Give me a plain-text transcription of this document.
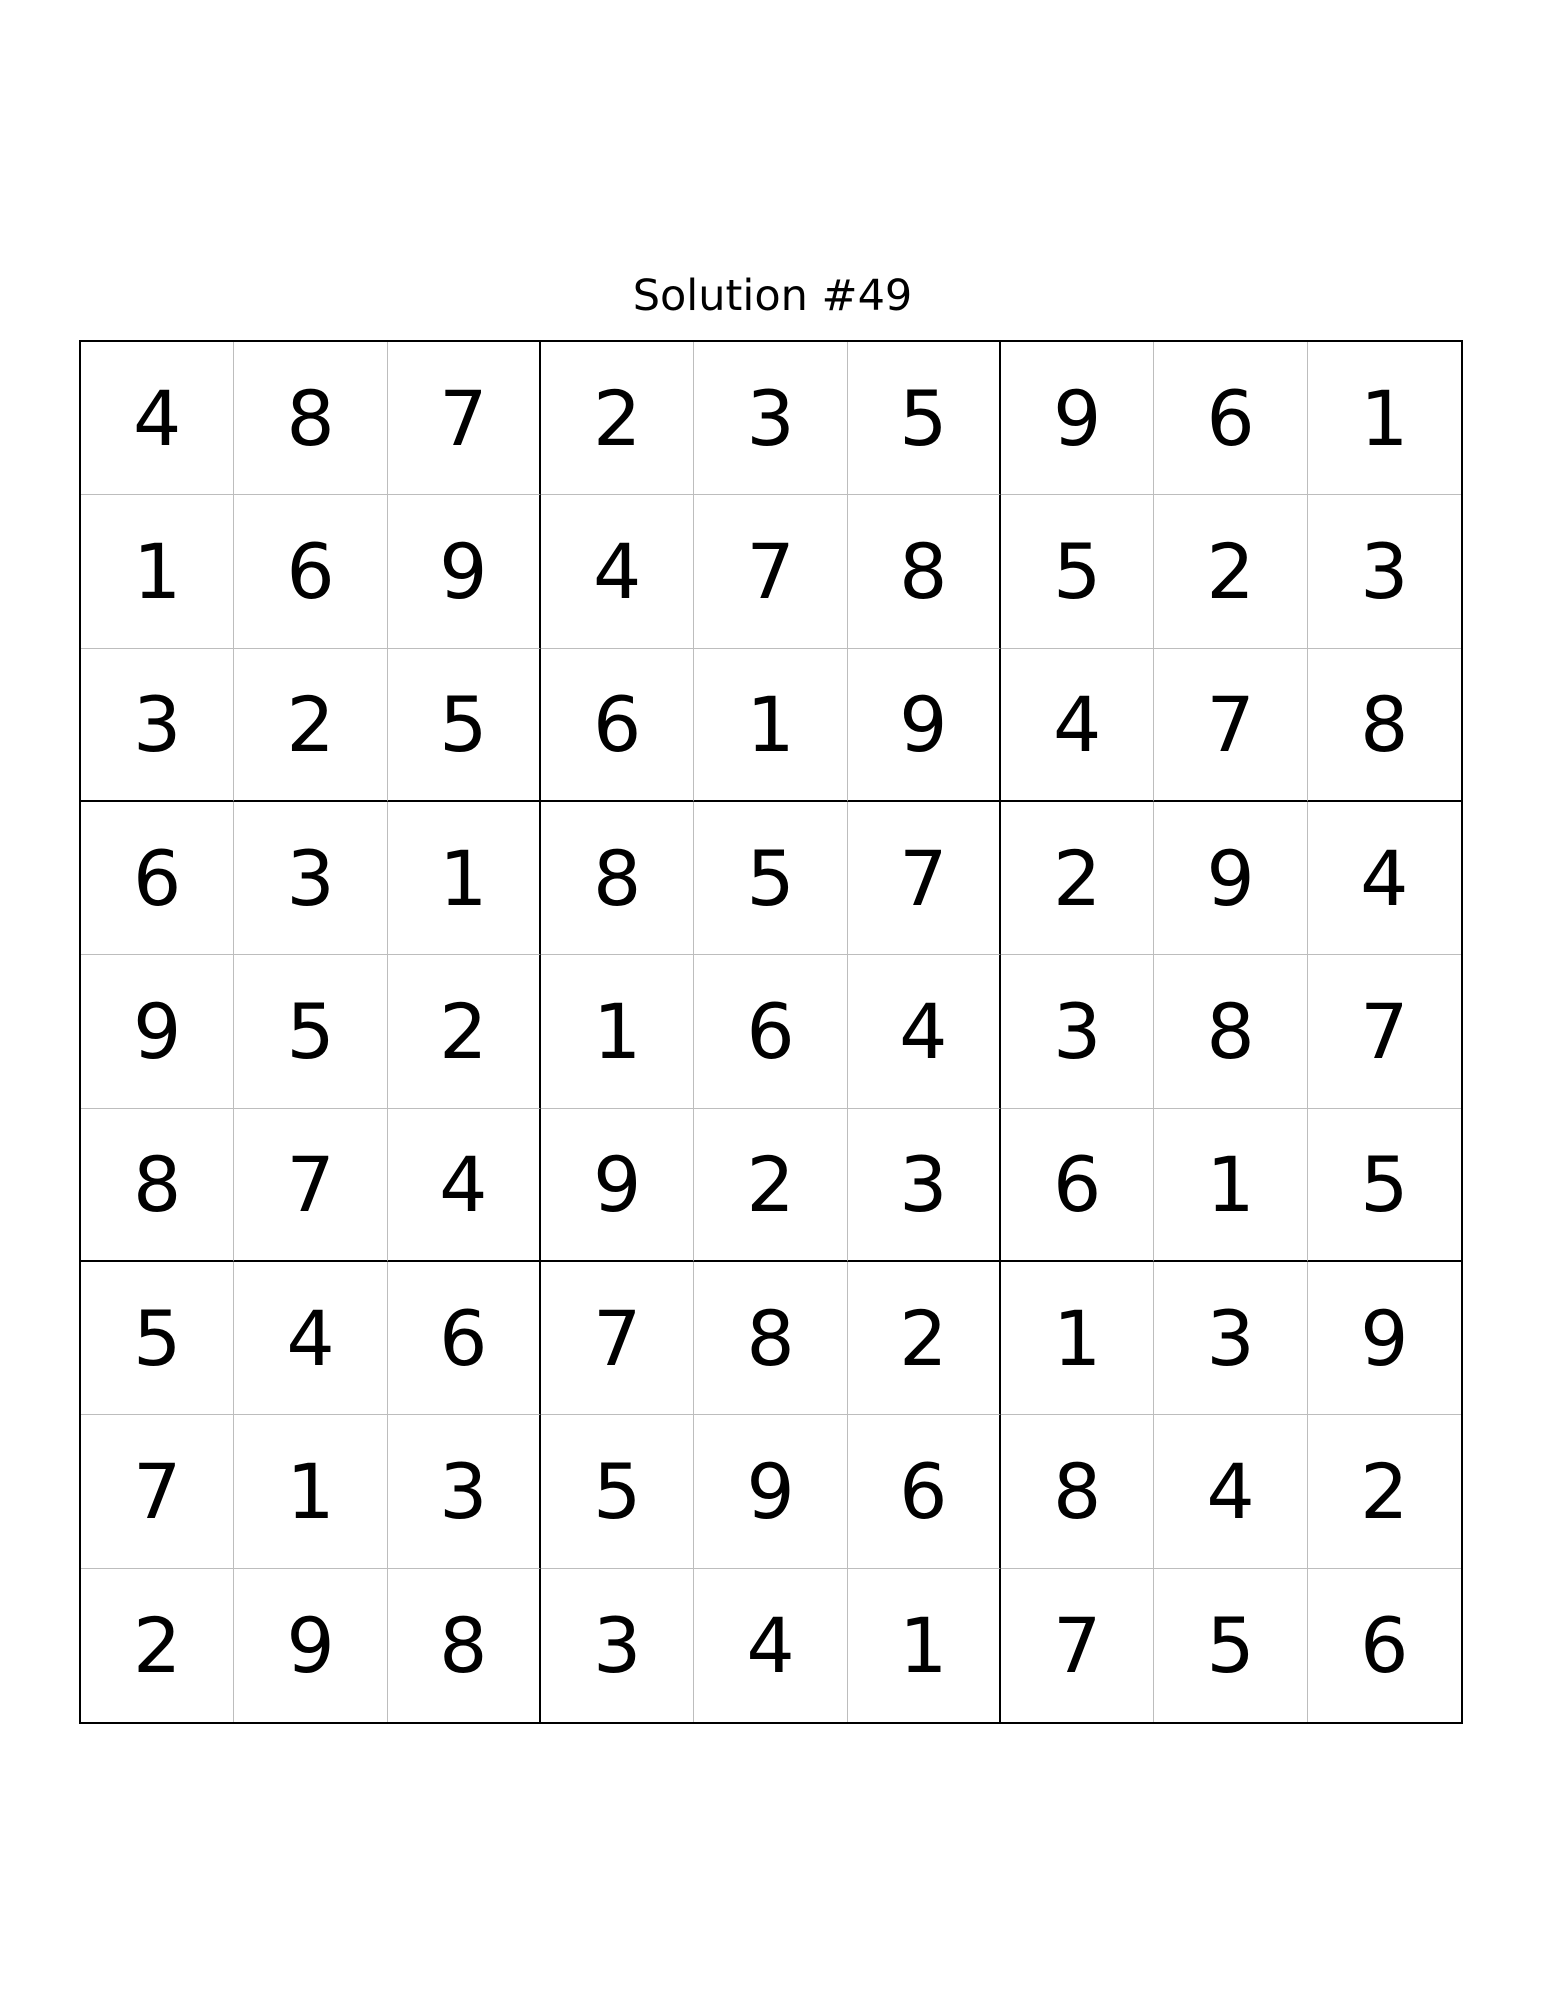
Solution #49
4	8	7	2	3	5	9	6	1
1	6	9	4	7	8	5	2	3
3	2	5	6	1	9	4	7	8
6	3	1	8	5	7	2	9	4
9	5	2	1	6	4	3	8	7
8	7	4	9	2	3	6	1	5
5	4	6	7	8	2	1	3	9
7	1	3	5	9	6	8	4	2
2	9	8	3	4	1	7	5	6
